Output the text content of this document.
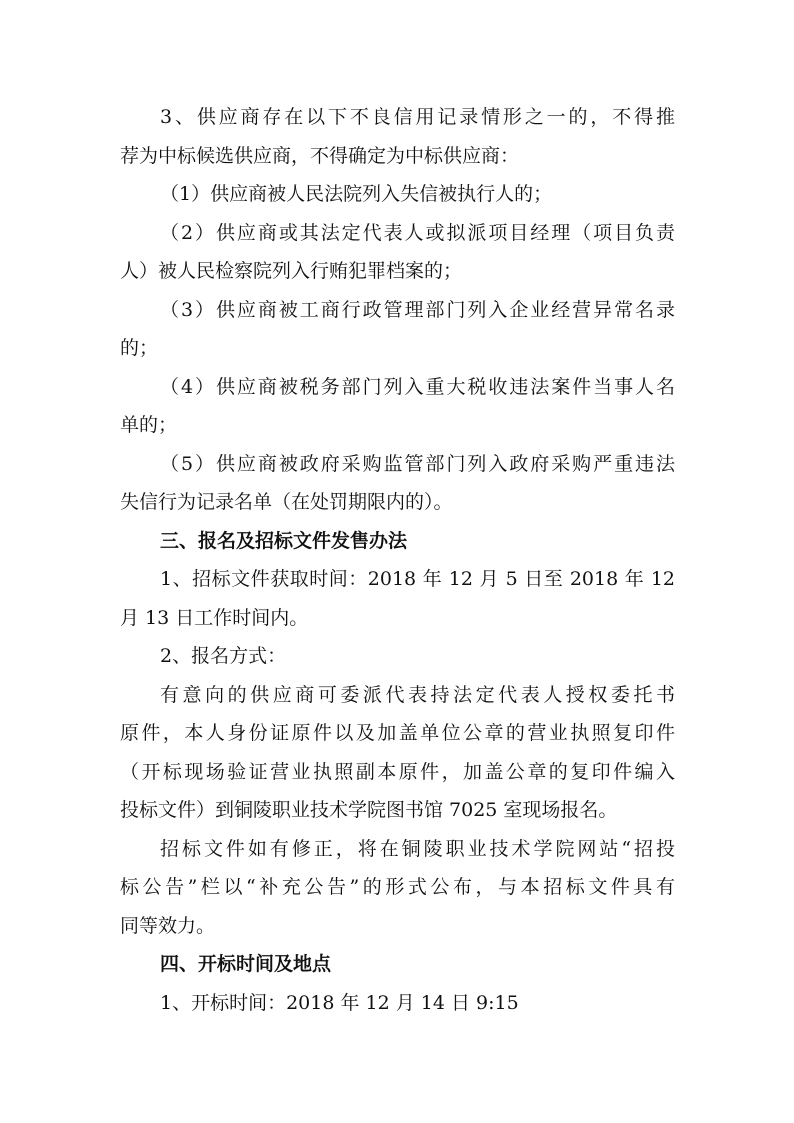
3、供应商存在以下不良信用记录情形之一的，不得推

荐为中标候选供应商，不得确定为中标供应商：

（1）供应商被人民法院列入失信被执行人的；

（2）供应商或其法定代表人或拟派项目经理（项目负责

人）被人民检察院列入行贿犯罪档案的；

（3）供应商被工商行政管理部门列入企业经营异常名录

的；

（4）供应商被税务部门列入重大税收违法案件当事人名

单的；

（5）供应商被政府采购监管部门列入政府采购严重违法

失信行为记录名单（在处罚期限内的）。

三、报名及招标文件发售办法

1、招标文件获取时间：2018 年 12 月 5 日至 2018 年 12

月 13 日工作时间内。

2、报名方式：

有意向的供应商可委派代表持法定代表人授权委托书

原件，本人身份证原件以及加盖单位公章的营业执照复印件

（开标现场验证营业执照副本原件，加盖公章的复印件编入

投标文件）到铜陵职业技术学院图书馆 7025 室现场报名。

招标文件如有修正，将在铜陵职业技术学院网站“招投

标公告”栏以“补充公告”的形式公布，与本招标文件具有

同等效力。

四、开标时间及地点

1、开标时间：2018 年 12 月 14 日 9:15
